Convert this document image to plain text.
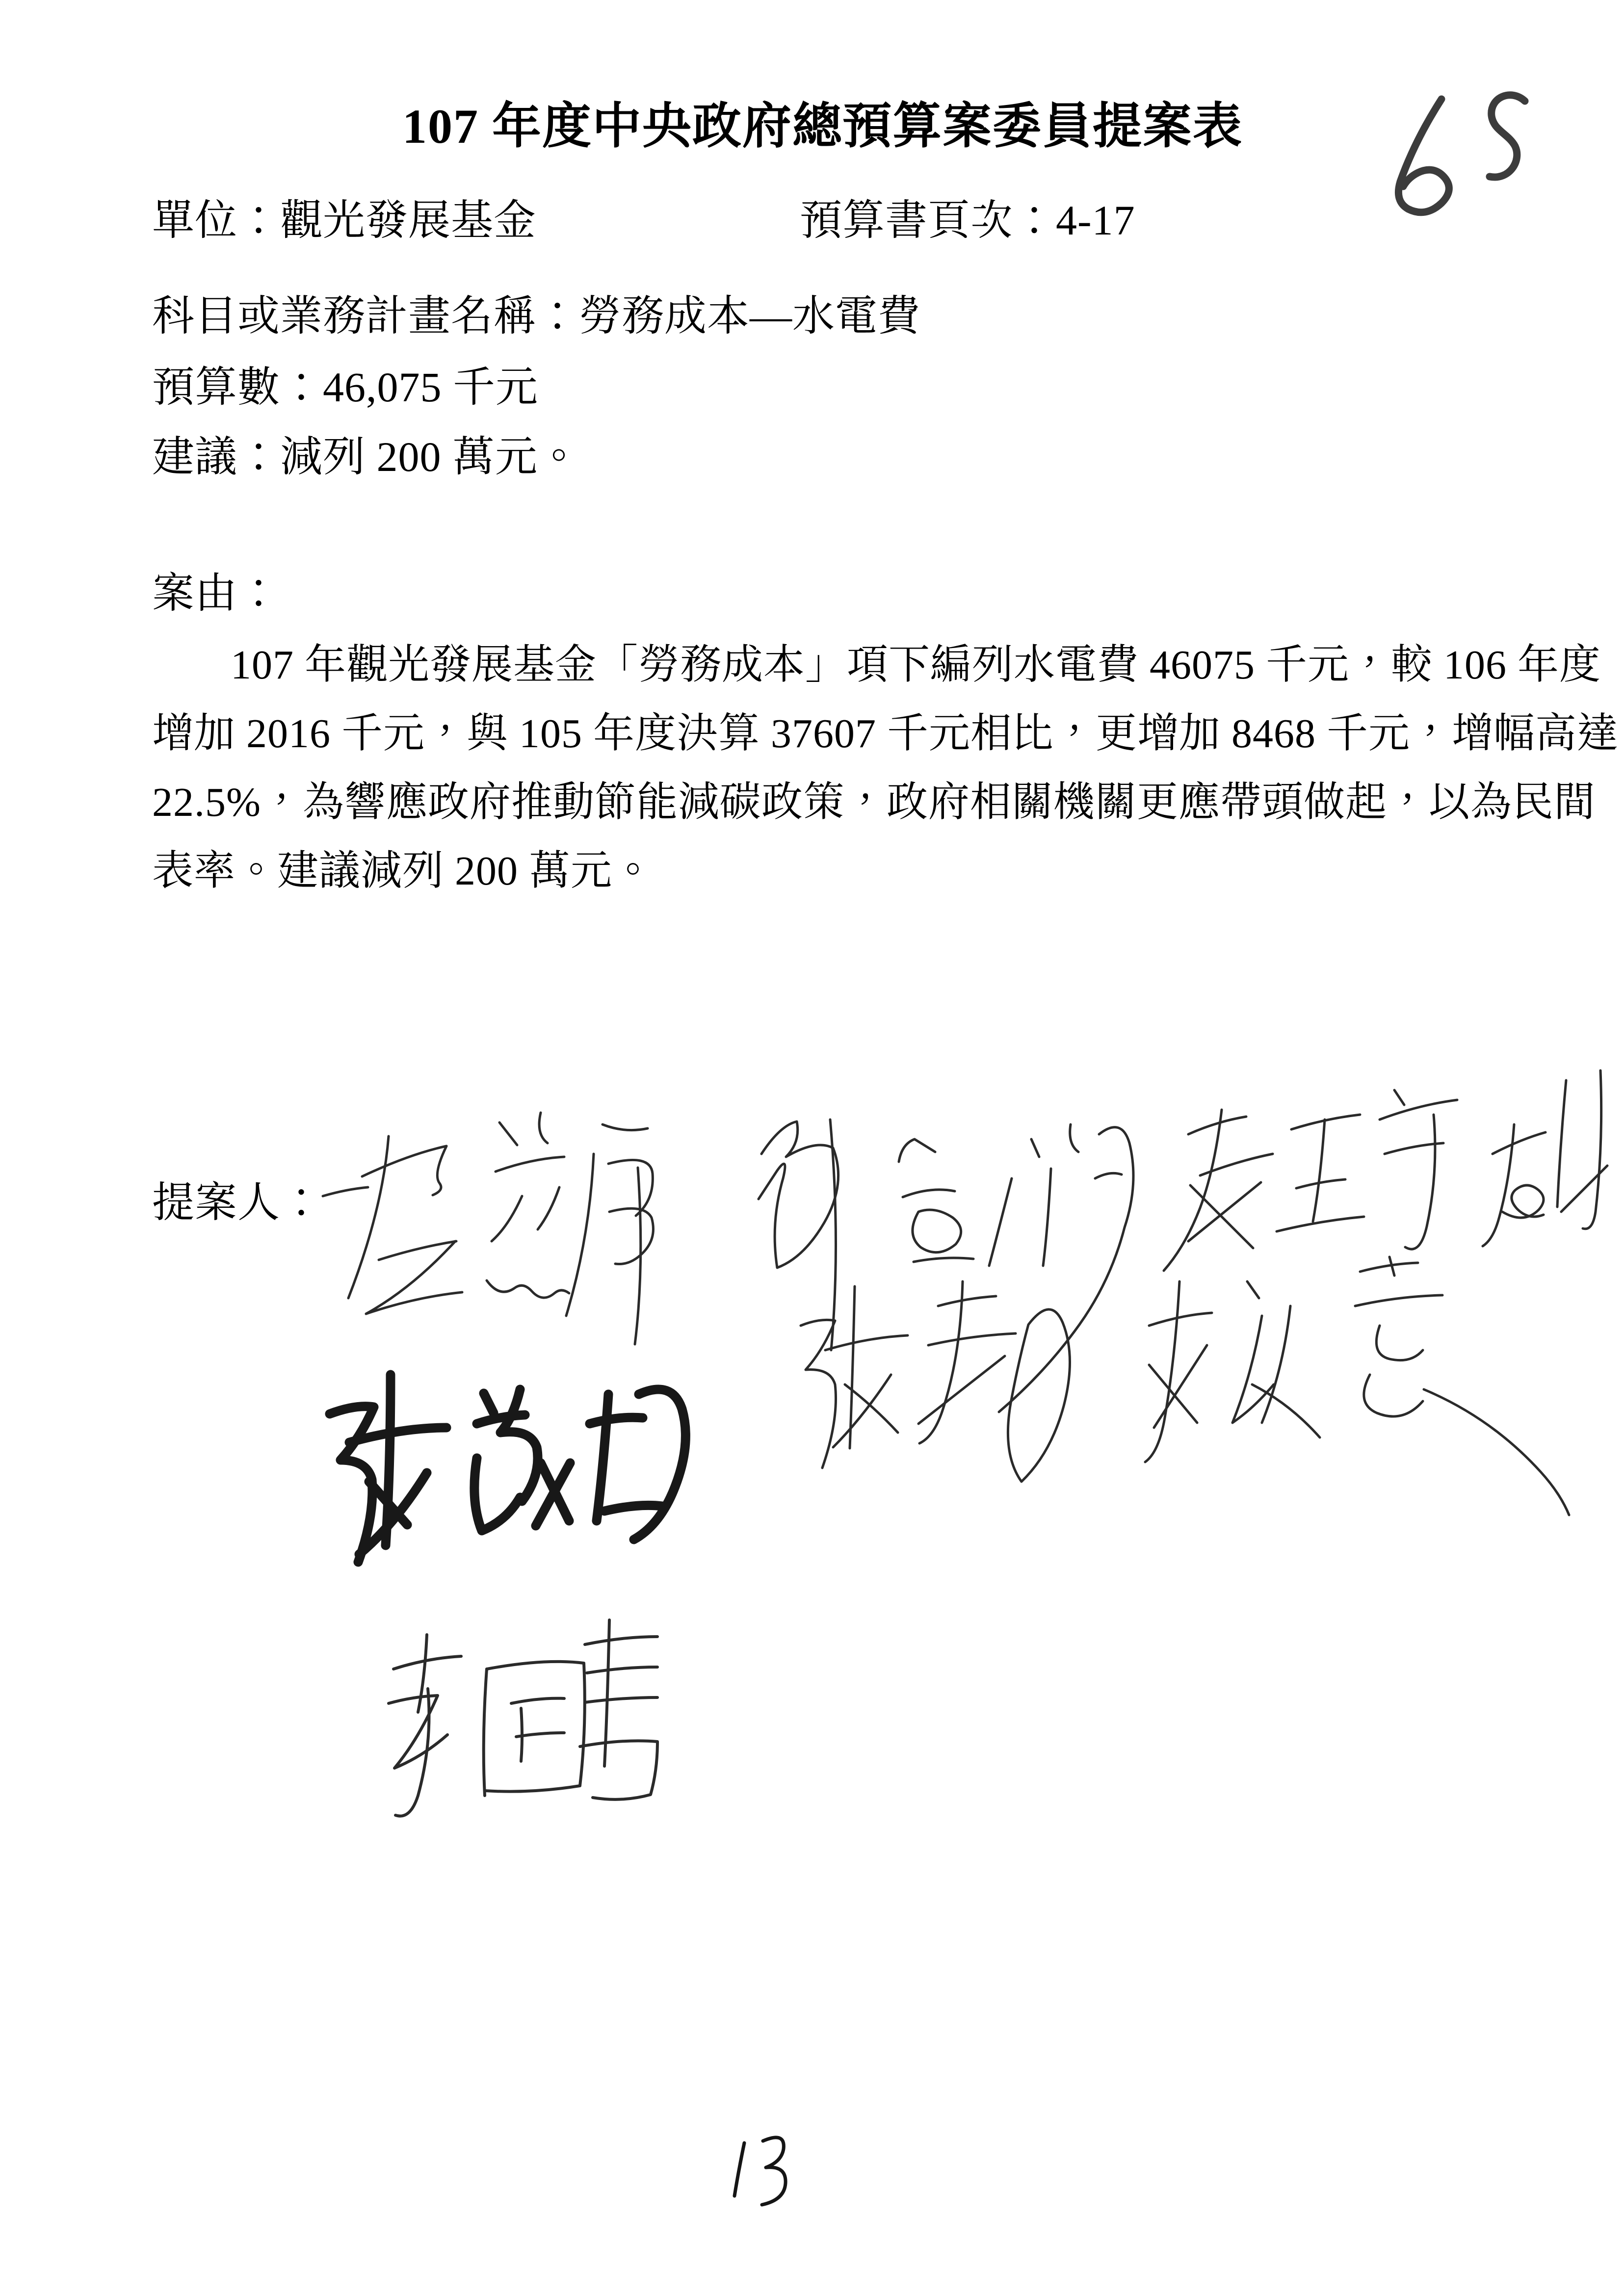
107 年度中央政府總預算案委員提案表
單位：觀光發展基金	預算書頁次：4-17
科目或業務計畫名稱：勞務成本—水電費
預算數：46,075 千元
建議：減列 200 萬元。
案由：
107 年觀光發展基金「勞務成本」項下編列水電費 46075 千元，較 106 年度
增加 2016 千元，與 105 年度決算 37607 千元相比，更增加 8468 千元，增幅高達
22.5%，為響應政府推動節能減碳政策，政府相關機關更應帶頭做起，以為民間
表率。建議減列 200 萬元。
提案人：
